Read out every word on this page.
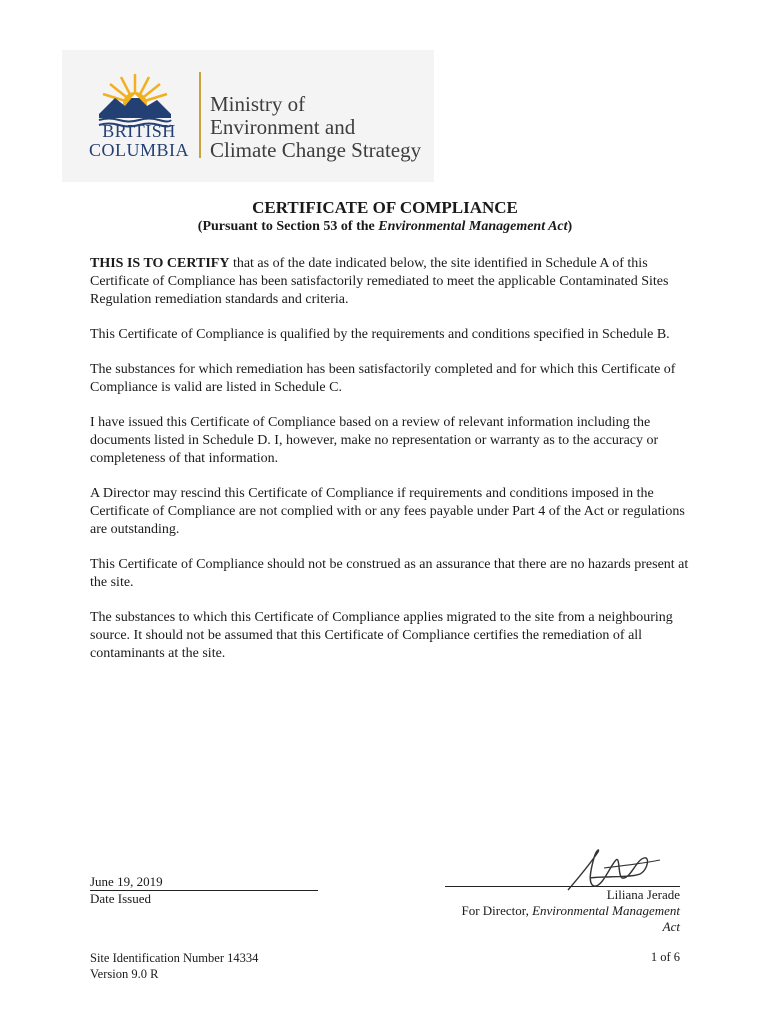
BRITISH
COLUMBIA
Ministry of
Environment and
Climate Change Strategy
CERTIFICATE OF COMPLIANCE
(Pursuant to Section 53 of the Environmental Management Act)

THIS IS TO CERTIFY that as of the date indicated below, the site identified in Schedule A of this Certificate of Compliance has been satisfactorily remediated to meet the applicable Contaminated Sites Regulation remediation standards and criteria.

This Certificate of Compliance is qualified by the requirements and conditions specified in Schedule B.

The substances for which remediation has been satisfactorily completed and for which this Certificate of Compliance is valid are listed in Schedule C.

I have issued this Certificate of Compliance based on a review of relevant information including the documents listed in Schedule D. I, however, make no representation or warranty as to the accuracy or completeness of that information.

A Director may rescind this Certificate of Compliance if requirements and conditions imposed in the Certificate of Compliance are not complied with or any fees payable under Part 4 of the Act or regulations are outstanding.

This Certificate of Compliance should not be construed as an assurance that there are no hazards present at the site.

The substances to which this Certificate of Compliance applies migrated to the site from a neighbouring source. It should not be assumed that this Certificate of Compliance certifies the remediation of all contaminants at the site.

June 19, 2019
Date Issued	Liliana Jerade
For Director, Environmental Management Act
Site Identification Number 14334
Version 9.0 R
1 of 6
